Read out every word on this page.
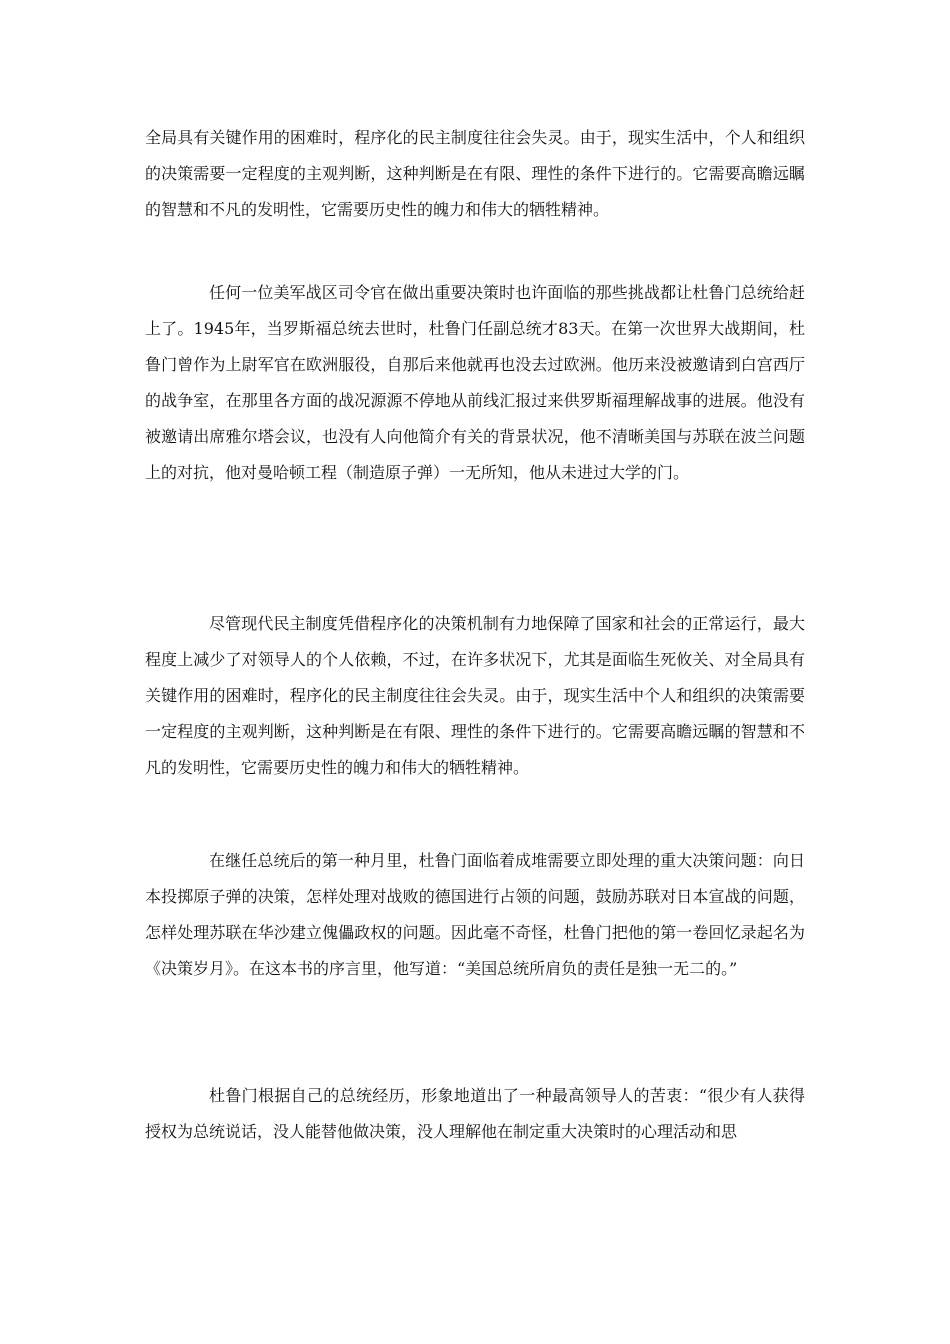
全局具有关键作用的困难时，程序化的民主制度往往会失灵。由于，现实生活中，个人和组织的决策需要一定程度的主观判断，这种判断是在有限、理性的条件下进行的。它需要高瞻远瞩的智慧和不凡的发明性，它需要历史性的魄力和伟大的牺牲精神。

任何一位美军战区司令官在做出重要决策时也许面临的那些挑战都让杜鲁门总统给赶上了。1945年，当罗斯福总统去世时，杜鲁门任副总统才83天。在第一次世界大战期间，杜鲁门曾作为上尉军官在欧洲服役，自那后来他就再也没去过欧洲。他历来没被邀请到白宫西厅的战争室，在那里各方面的战况源源不停地从前线汇报过来供罗斯福理解战事的进展。他没有被邀请出席雅尔塔会议，也没有人向他简介有关的背景状况，他不清晰美国与苏联在波兰问题上的对抗，他对曼哈顿工程（制造原子弹）一无所知，他从未进过大学的门。

尽管现代民主制度凭借程序化的决策机制有力地保障了国家和社会的正常运行，最大程度上减少了对领导人的个人依赖，不过，在许多状况下，尤其是面临生死攸关、对全局具有关键作用的困难时，程序化的民主制度往往会失灵。由于，现实生活中个人和组织的决策需要一定程度的主观判断，这种判断是在有限、理性的条件下进行的。它需要高瞻远瞩的智慧和不凡的发明性，它需要历史性的魄力和伟大的牺牲精神。

在继任总统后的第一种月里，杜鲁门面临着成堆需要立即处理的重大决策问题：向日本投掷原子弹的决策，怎样处理对战败的德国进行占领的问题，鼓励苏联对日本宣战的问题，怎样处理苏联在华沙建立傀儡政权的问题。因此毫不奇怪，杜鲁门把他的第一卷回忆录起名为《决策岁月》。在这本书的序言里，他写道：“美国总统所肩负的责任是独一无二的。”

杜鲁门根据自己的总统经历，形象地道出了一种最高领导人的苦衷：“很少有人获得授权为总统说话，没人能替他做决策，没人理解他在制定重大决策时的心理活动和思
